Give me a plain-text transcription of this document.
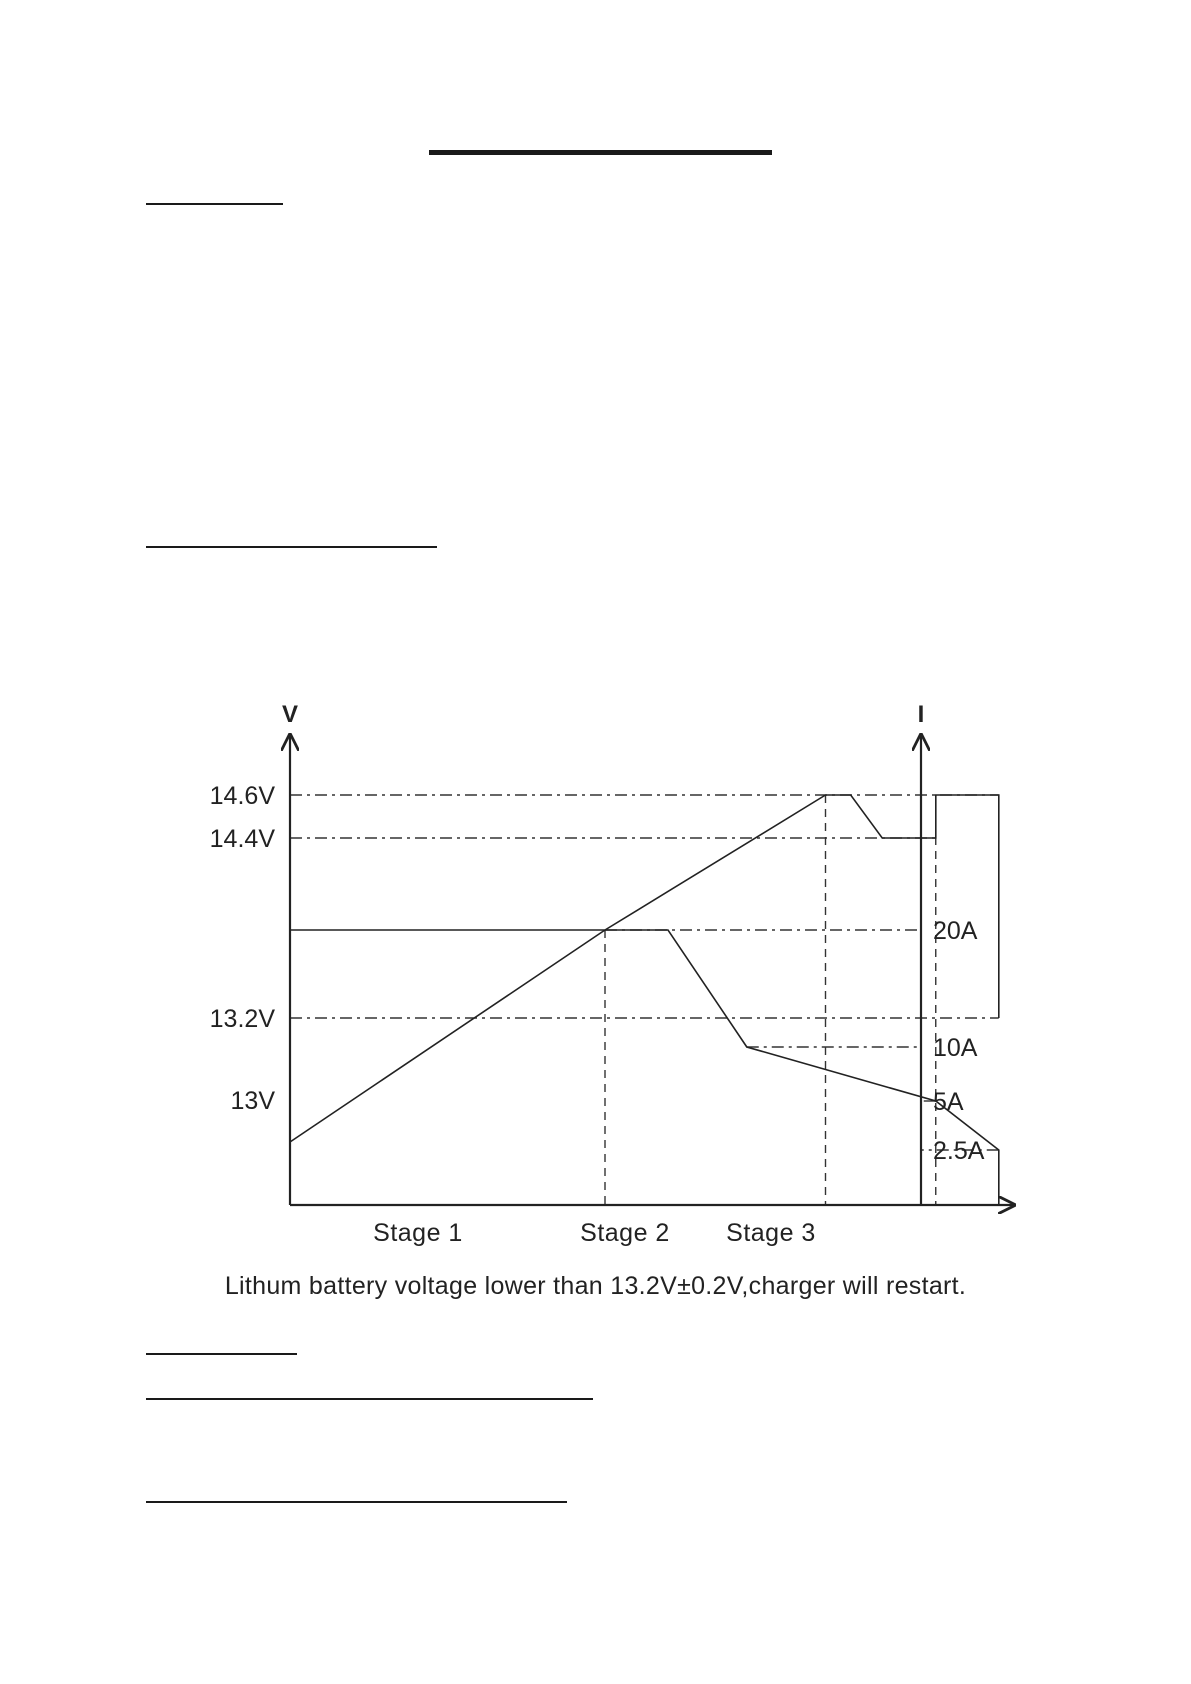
V	I
14.6V
14.4V
13.2V
13V
20A
10A
5A
2.5A
Stage 1	Stage 2 Stage 3
Lithum battery voltage lower than 13.2V±0.2V,charger will restart.
